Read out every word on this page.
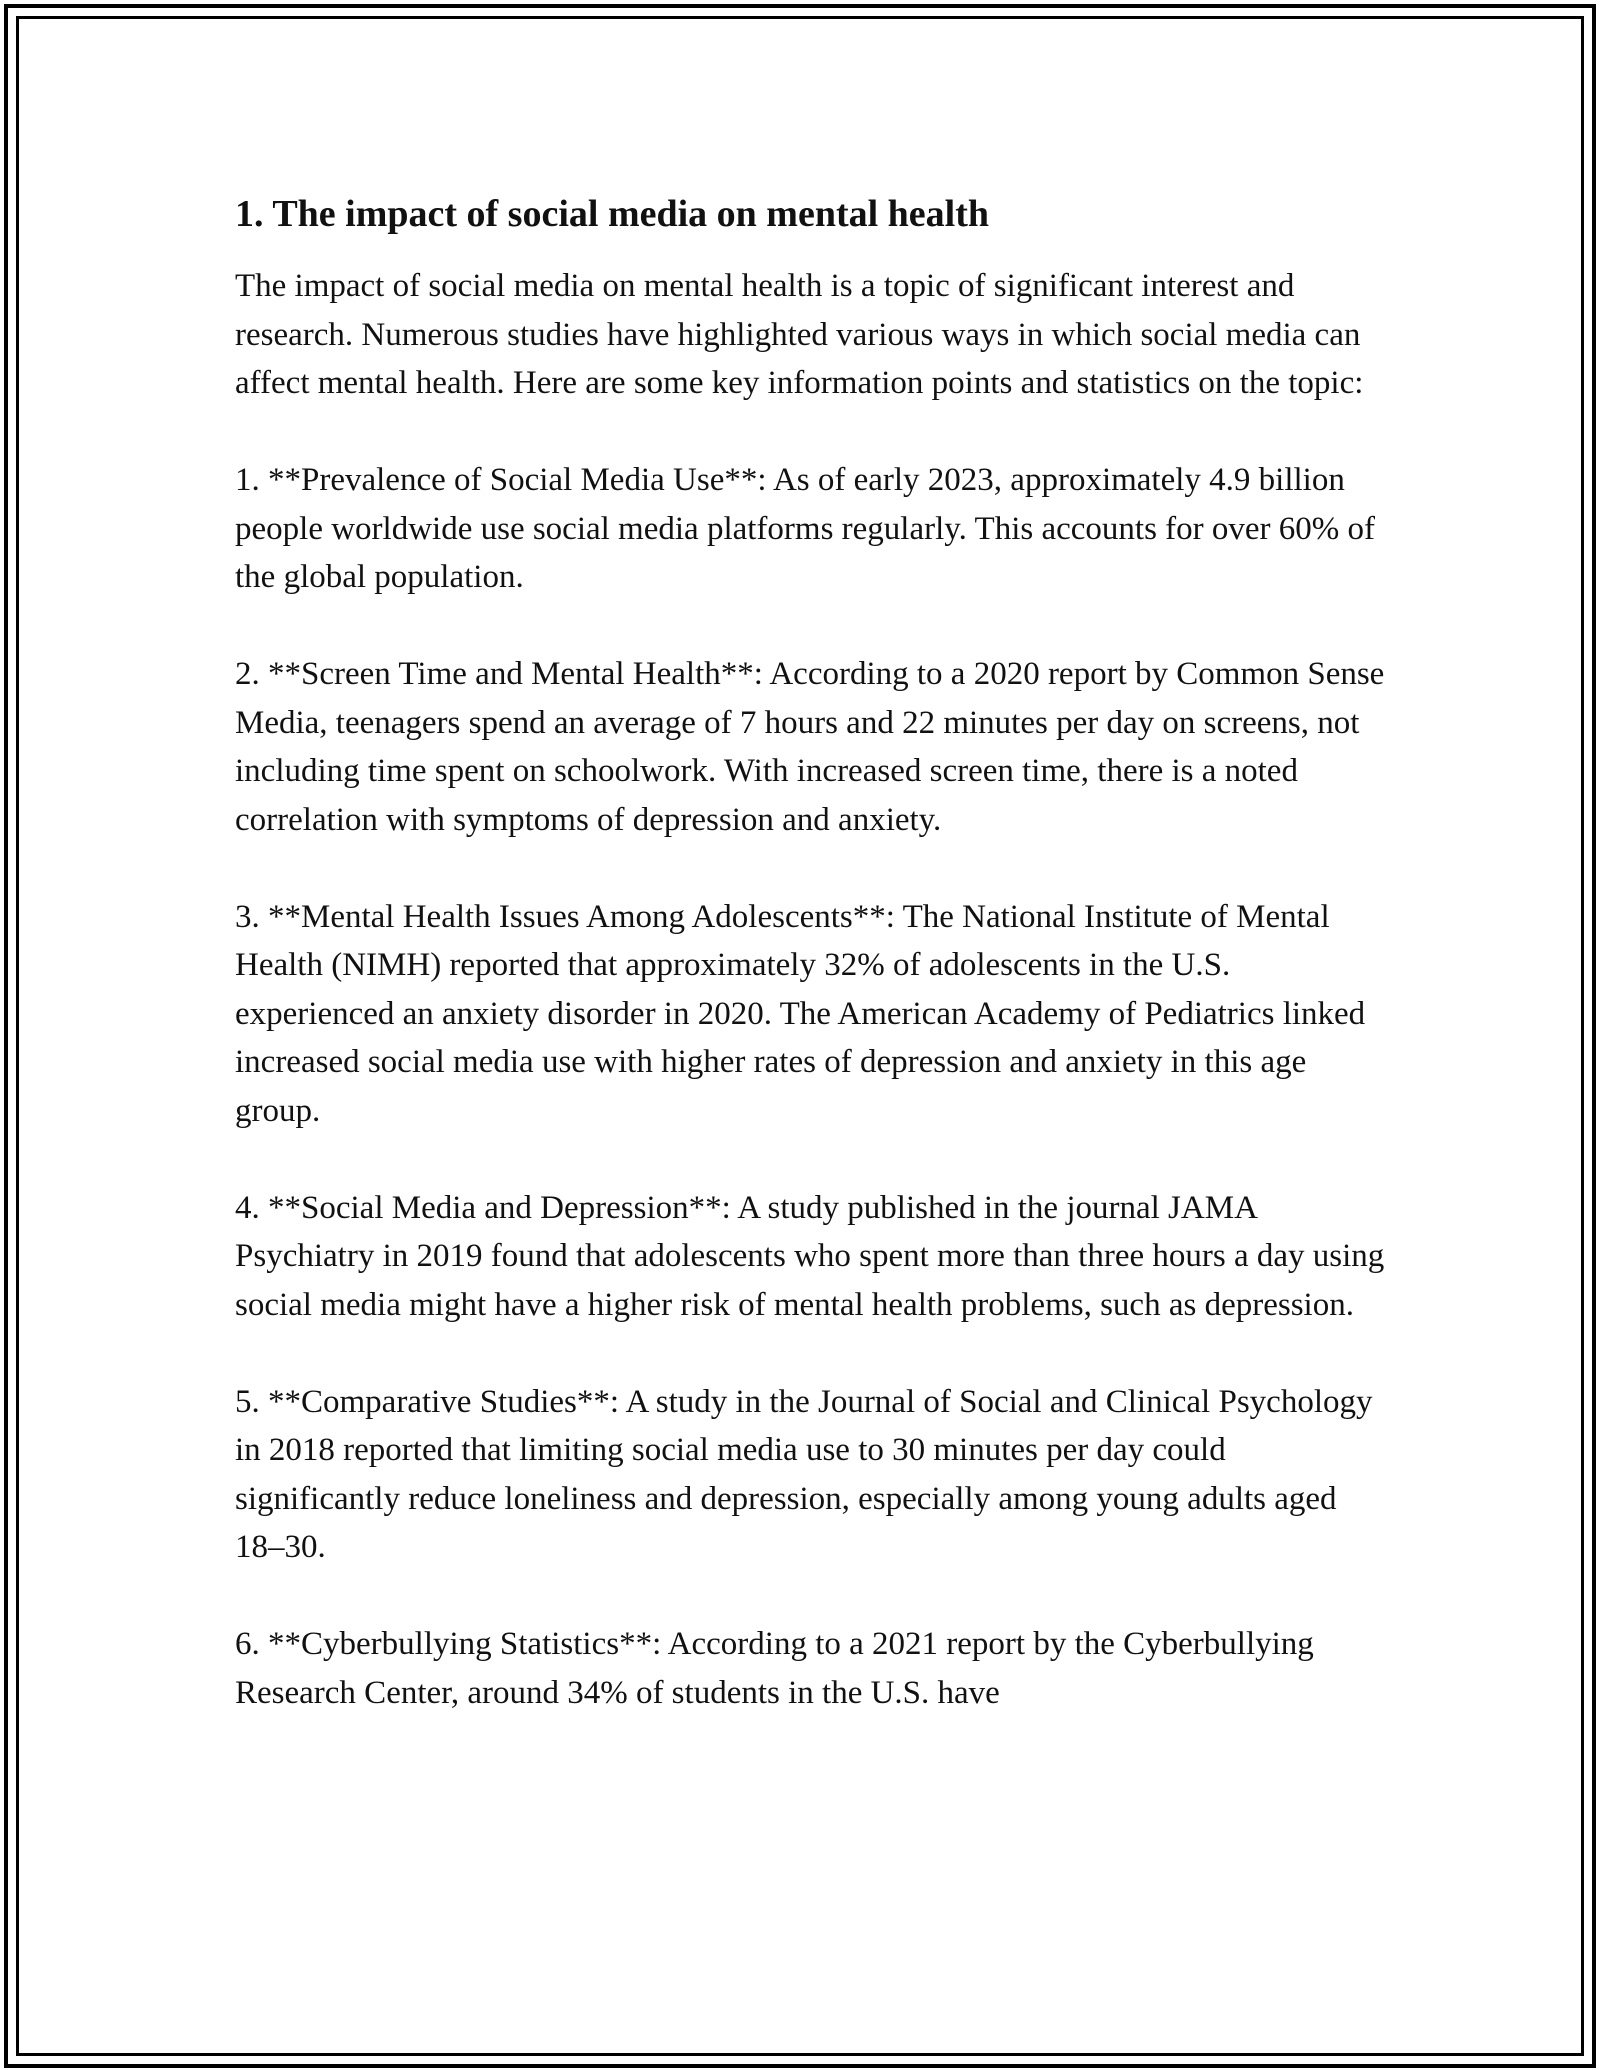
1. The impact of social media on mental health

The impact of social media on mental health is a topic of significant interest and research. Numerous studies have highlighted various ways in which social media can affect mental health. Here are some key information points and statistics on the topic:

1. **Prevalence of Social Media Use**: As of early 2023, approximately 4.9 billion people worldwide use social media platforms regularly. This accounts for over 60% of the global population.

2. **Screen Time and Mental Health**: According to a 2020 report by Common Sense Media, teenagers spend an average of 7 hours and 22 minutes per day on screens, not including time spent on schoolwork. With increased screen time, there is a noted correlation with symptoms of depression and anxiety.

3. **Mental Health Issues Among Adolescents**: The National Institute of Mental Health (NIMH) reported that approximately 32% of adolescents in the U.S. experienced an anxiety disorder in 2020. The American Academy of Pediatrics linked increased social media use with higher rates of depression and anxiety in this age group.

4. **Social Media and Depression**: A study published in the journal JAMA Psychiatry in 2019 found that adolescents who spent more than three hours a day using social media might have a higher risk of mental health problems, such as depression.

5. **Comparative Studies**: A study in the Journal of Social and Clinical Psychology in 2018 reported that limiting social media use to 30 minutes per day could significantly reduce loneliness and depression, especially among young adults aged 18–30.

6. **Cyberbullying Statistics**: According to a 2021 report by the Cyberbullying Research Center, around 34% of students in the U.S. have
